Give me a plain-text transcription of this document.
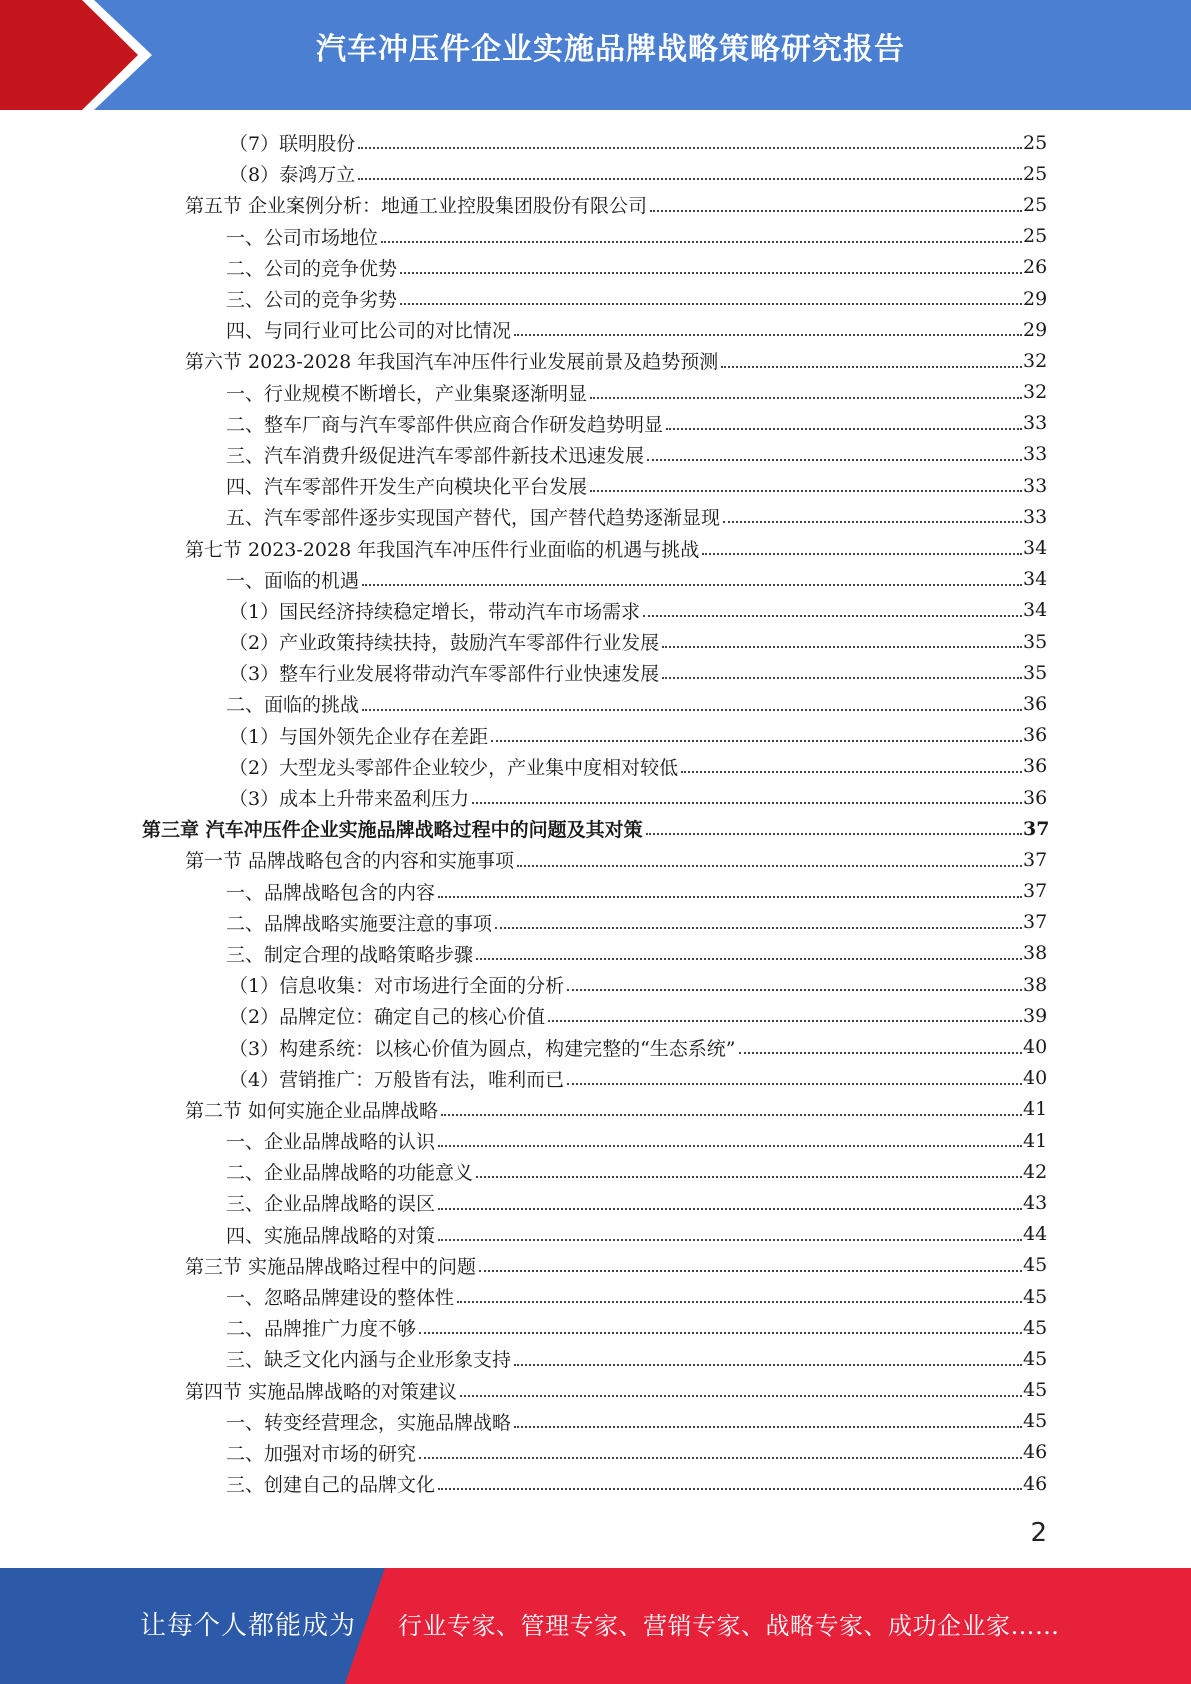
汽车冲压件企业实施品牌战略策略研究报告
（7）联明股份	25
（8）泰鸿万立	25
第五节 企业案例分析：地通工业控股集团股份有限公司	25
一、公司市场地位	25
二、公司的竞争优势	26
三、公司的竞争劣势	29
四、与同行业可比公司的对比情况	29
第六节 2023-2028 年我国汽车冲压件行业发展前景及趋势预测	32
一、行业规模不断增长，产业集聚逐渐明显	32
二、整车厂商与汽车零部件供应商合作研发趋势明显	33
三、汽车消费升级促进汽车零部件新技术迅速发展	33
四、汽车零部件开发生产向模块化平台发展	33
五、汽车零部件逐步实现国产替代，国产替代趋势逐渐显现	33
第七节 2023-2028 年我国汽车冲压件行业面临的机遇与挑战	34
一、面临的机遇	34
（1）国民经济持续稳定增长，带动汽车市场需求	34
（2）产业政策持续扶持，鼓励汽车零部件行业发展	35
（3）整车行业发展将带动汽车零部件行业快速发展	35
二、面临的挑战	36
（1）与国外领先企业存在差距	36
（2）大型龙头零部件企业较少，产业集中度相对较低	36
（3）成本上升带来盈利压力	36
第三章 汽车冲压件企业实施品牌战略过程中的问题及其对策	37
第一节 品牌战略包含的内容和实施事项	37
一、品牌战略包含的内容	37
二、品牌战略实施要注意的事项	37
三、制定合理的战略策略步骤	38
（1）信息收集：对市场进行全面的分析	38
（2）品牌定位：确定自己的核心价值	39
（3）构建系统：以核心价值为圆点，构建完整的“生态系统”	40
（4）营销推广：万般皆有法，唯利而已	40
第二节 如何实施企业品牌战略	41
一、企业品牌战略的认识	41
二、企业品牌战略的功能意义	42
三、企业品牌战略的误区	43
四、实施品牌战略的对策	44
第三节 实施品牌战略过程中的问题	45
一、忽略品牌建设的整体性	45
二、品牌推广力度不够	45
三、缺乏文化内涵与企业形象支持	45
第四节 实施品牌战略的对策建议	45
一、转变经营理念，实施品牌战略	45
二、加强对市场的研究	46
三、创建自己的品牌文化	46
2
让每个人都能成为 行业专家、管理专家、营销专家、战略专家、成功企业家……
